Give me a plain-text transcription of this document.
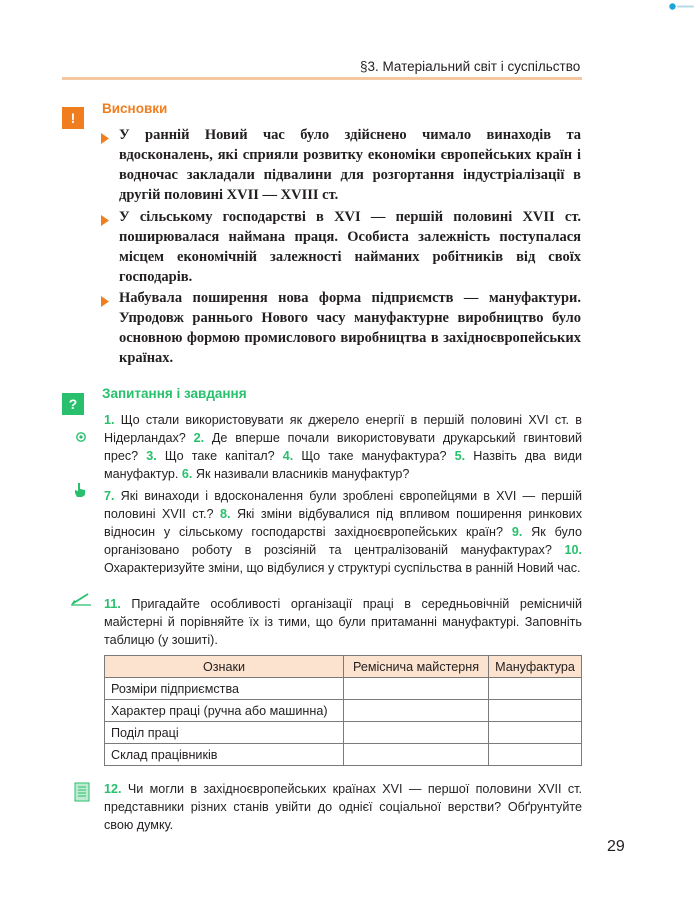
§3. Матеріальний світ і суспільство
!
Висновки
У ранній Новий час було здійснено чимало винаходів та вдосконалень, які сприяли розвитку економіки європейських країн і водночас закладали підвалини для розгортання індустріалізації в другій половині XVII — XVIII ст.
У сільському господарстві в XVI — першій половині XVII ст. поширювалася наймана праця. Особиста залежність поступалася місцем економічній залежності найманих робітників від своїх господарів.
Набувала поширення нова форма підприємств — мануфактури. Упродовж раннього Нового часу мануфактурне виробництво було основною формою промислового виробництва в західноєвропейських країнах.
?
Запитання і завдання
1. Що стали використовувати як джерело енергії в першій половині XVI ст. в Нідерландах? 2. Де вперше почали використовувати друкарський гвинтовий прес? 3. Що таке капітал? 4. Що таке мануфактура? 5. Назвіть два види мануфактур. 6. Як називали власників мануфактур?
7. Які винаходи і вдосконалення були зроблені європейцями в XVI — першій половині XVII ст.? 8. Які зміни відбувалися під впливом поширення ринкових відносин у сільському господарстві західноєвропейських країн? 9. Як було організовано роботу в розсіяній та централізованій мануфактурах? 10. Охарактеризуйте зміни, що відбулися у структурі суспільства в ранній Новий час.
11. Пригадайте особливості організації праці в середньовічній ремісничій майстерні й порівняйте їх із тими, що були притаманні мануфактурі. Заповніть таблицю (у зошиті).
Ознаки	Реміснича майстерня	Мануфактура
Розміри підприємства		
Характер праці (ручна або машинна)		
Поділ праці		
Склад працівників		
12. Чи могли в західноєвропейських країнах XVI — першої половини XVII ст. представники різних станів увійти до однієї соціальної верстви? Обґрунтуйте свою думку.
29
